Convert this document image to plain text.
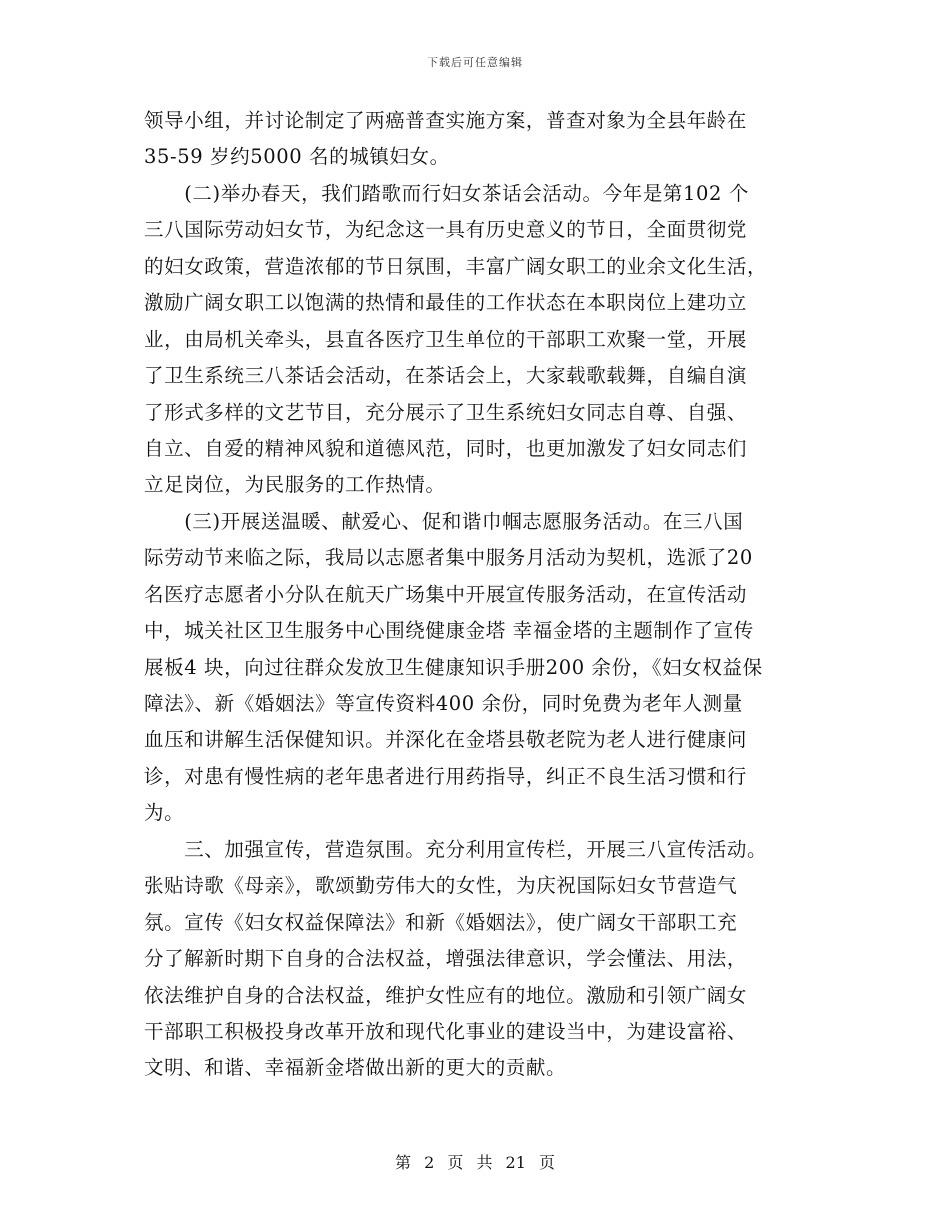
下载后可任意编辑
领导小组，并讨论制定了两癌普查实施方案，普查对象为全县年龄在
35-59 岁约5000 名的城镇妇女。
　　(二)举办春天，我们踏歌而行妇女茶话会活动。今年是第102 个
三八国际劳动妇女节，为纪念这一具有历史意义的节日，全面贯彻党
的妇女政策，营造浓郁的节日氛围，丰富广阔女职工的业余文化生活，
激励广阔女职工以饱满的热情和最佳的工作状态在本职岗位上建功立
业，由局机关牵头，县直各医疗卫生单位的干部职工欢聚一堂，开展
了卫生系统三八茶话会活动，在茶话会上，大家载歌载舞，自编自演
了形式多样的文艺节目，充分展示了卫生系统妇女同志自尊、自强、
自立、自爱的精神风貌和道德风范，同时，也更加激发了妇女同志们
立足岗位，为民服务的工作热情。
　　(三)开展送温暖、献爱心、促和谐巾帼志愿服务活动。在三八国
际劳动节来临之际，我局以志愿者集中服务月活动为契机，选派了20
名医疗志愿者小分队在航天广场集中开展宣传服务活动，在宣传活动
中，城关社区卫生服务中心围绕健康金塔 幸福金塔的主题制作了宣传
展板4 块，向过往群众发放卫生健康知识手册200 余份，《妇女权益保
障法》、新《婚姻法》等宣传资料400 余份，同时免费为老年人测量
血压和讲解生活保健知识。并深化在金塔县敬老院为老人进行健康问
诊，对患有慢性病的老年患者进行用药指导，纠正不良生活习惯和行
为。
　　三、加强宣传，营造氛围。充分利用宣传栏，开展三八宣传活动。
张贴诗歌《母亲》，歌颂勤劳伟大的女性，为庆祝国际妇女节营造气
氛。宣传《妇女权益保障法》和新《婚姻法》，使广阔女干部职工充
分了解新时期下自身的合法权益，增强法律意识，学会懂法、用法，
依法维护自身的合法权益，维护女性应有的地位。激励和引领广阔女
干部职工积极投身改革开放和现代化事业的建设当中，为建设富裕、
文明、和谐、幸福新金塔做出新的更大的贡献。
第 2 页 共 21 页
